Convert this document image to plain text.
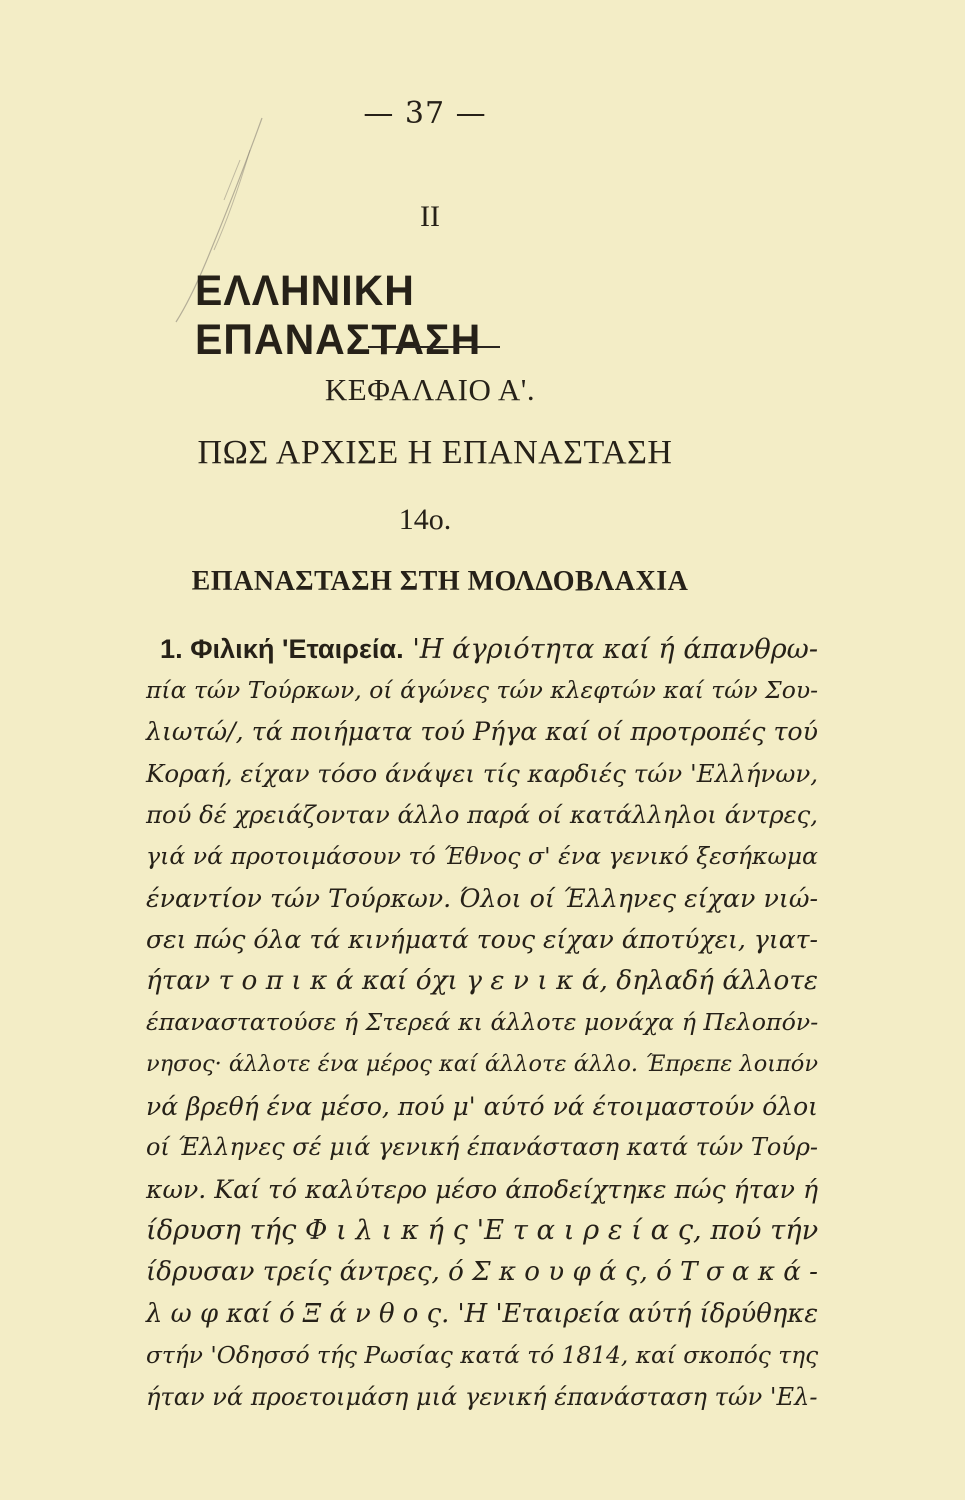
— 37 —
ΙΙ
ΕΛΛΗΝΙΚΗ ΕΠΑΝΑΣΤΑΣΗ
ΚΕΦΑΛΑΙΟ Α'.
ΠΩΣ ΑΡΧΙΣΕ Η ΕΠΑΝΑΣΤΑΣΗ
14ο.
ΕΠΑΝΑΣΤΑΣΗ ΣΤΗ ΜΟΛΔΟΒΛΑΧΙΑ
1. Φιλική 'Εταιρεία. 'Η άγριότητα καί ή άπανθρω-
πία τών Τούρκων, οί άγώνες τών κλεφτών καί τών Σου-
λιωτώ/, τά ποιήματα τού Ρήγα καί οί προτροπές τού
Κοραή, είχαν τόσο άνάψει τίς καρδιές τών 'Ελλήνων,
πού δέ χρειάζονταν άλλο παρά οί κατάλληλοι άντρες,
γιά νά προτοιμάσουν τό Έθνος σ' ένα γενικό ξεσήκωμα
έναντίον τών Τούρκων. Όλοι οί Έλληνες είχαν νιώ-
σει πώς όλα τά κινήματά τους είχαν άποτύχει, γιατ-
ήταν τ ο π ι κ ά καί όχι γ ε ν ι κ ά, δηλαδή άλλοτε
έπαναστατούσε ή Στερεά κι άλλοτε μονάχα ή Πελοπόν-
νησος· άλλοτε ένα μέρος καί άλλοτε άλλο. Έπρεπε λοιπόν
νά βρεθή ένα μέσο, πού μ' αύτό νά έτοιμαστούν όλοι
οί Έλληνες σέ μιά γενική έπανάσταση κατά τών Τούρ-
κων. Καί τό καλύτερο μέσο άποδείχτηκε πώς ήταν ή
ίδρυση τής Φ ι λ ι κ ή ς 'Ε τ α ι ρ ε ί α ς, πού τήν
ίδρυσαν τρείς άντρες, ό Σ κ ο υ φ ά ς, ό Τ σ α κ ά -
λ ω φ καί ό Ξ ά ν θ ο ς. 'Η 'Εταιρεία αύτή ίδρύθηκε
στήν 'Οδησσό τής Ρωσίας κατά τό 1814, καί σκοπός της
ήταν νά προετοιμάση μιά γενική έπανάσταση τών 'Ελ-
